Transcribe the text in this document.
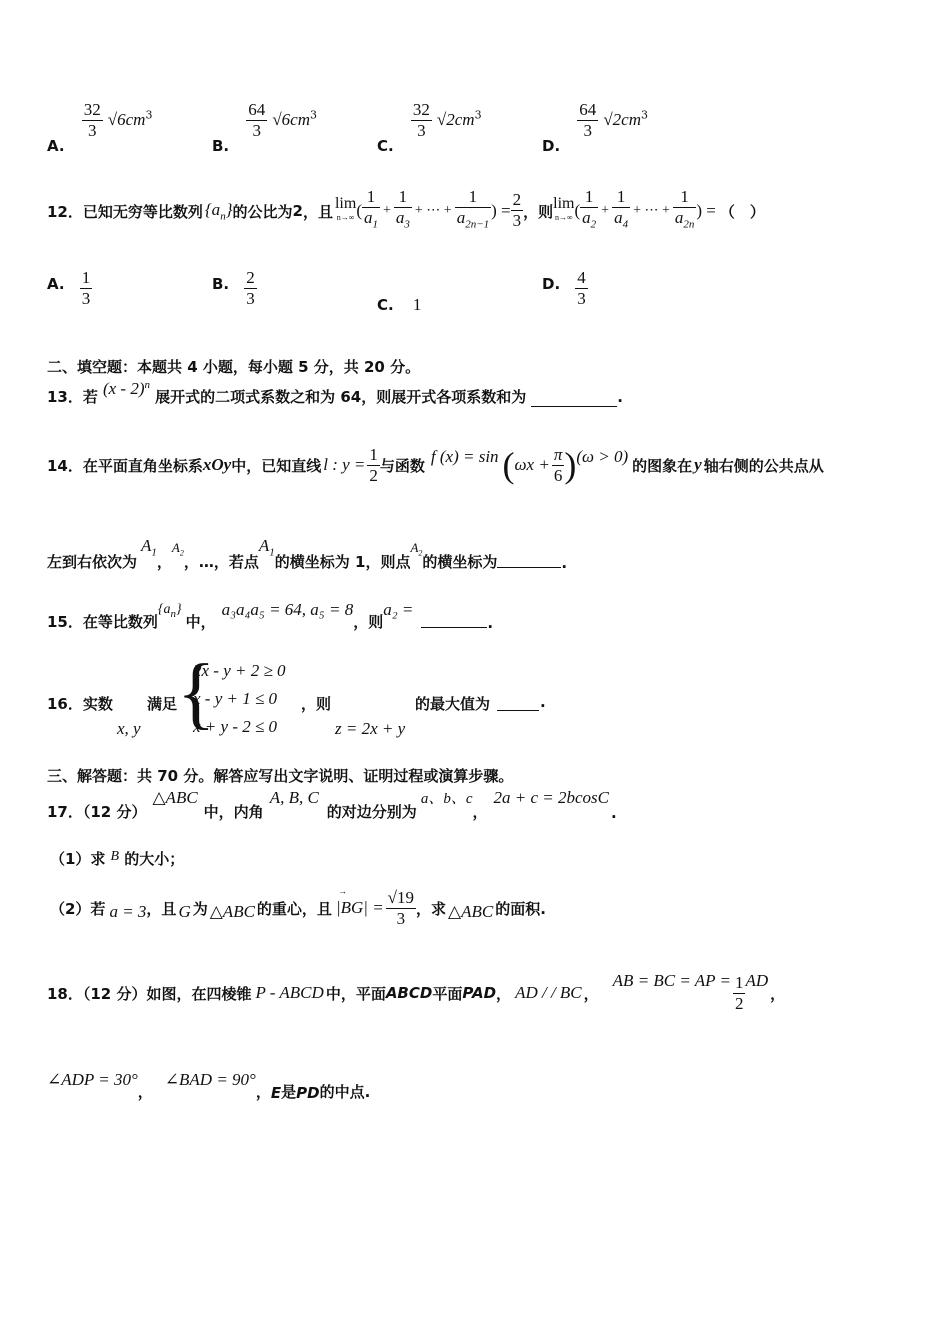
A.
$\frac{32}{3} √6cm^3$
B.
$\frac{64}{3} √6cm^3$
C.
$\frac{32}{3} √2cm^3$
D.
$\frac{64}{3} √2cm^3$
12．已知无穷等比数列 $\{a_n\}$ 的公比为 2 ，且 lim
n→∞ ( $\frac{1}{a_1} + \frac{1}{a_3}$ + ⋯ + $\frac{1}{a_{2n-1}}$ ) = $\frac{2}{3}$ ，则 lim
n→∞ ( $\frac{1}{a_2} + \frac{1}{a_4}$ + ⋯ + $\frac{1}{a_{2n}}$ ) = （　）
A. $\frac{1}{3}$	B. $\frac{2}{3}$	C. 1
D. $\frac{4}{3}$
二、填空题：本题共 4 小题，每小题 5 分，共 20 分。
13．若 (x - 2)$^n$ 展开式的二项式系数之和为 64，则展开式各项系数和为	.
14．在平面直角坐标系 xOy 中，已知直线 l : $y = \frac{1}{2}$ 与函数 f (x) = sin ( $\omega x + \frac{\pi}{6}$ ) (ω > 0) 的图象在 y 轴右侧的公共点从
左到右依次为
$A_1$
，
$A_2$ ，…，若点
$A_1$
的横坐标为 1，则点
$A_2$ 的横坐标为	.
15．在等比数列
$\{a_n\}$
中，
a₃a₄a₅ = 64, a₅ = 8
，则
a₂ =
.
16．实数
x, y
满足 {
2x - y + 2 ≥ 0
x - y + 1 ≤ 0
x + y - 2 ≤ 0
，则
z = 2x + y
的最大值为	.
三、解答题：共 70 分。解答应写出文字说明、证明过程或演算步骤。
17．（12 分）
△ABC
中，内角
A, B, C
的对边分别为
a、b、c
，
2a + c = 2bcosC
.
（1）求 B 的大小；
（2）若 a = 3 ，且 G 为 △ABC 的重心，且
→
$|BG| = \frac{√19}{3}$ ，求 △ABC 的面积.
18．（12 分）如图，在四棱锥 P - ABCD 中，平面 ABCD 平面 PAD ， AD / / BC ，
AB = BC = AP = $\frac{1}{2}$ AD
，
∠ADP = 30°
，
∠BAD = 90°
， E 是 PD 的中点.
